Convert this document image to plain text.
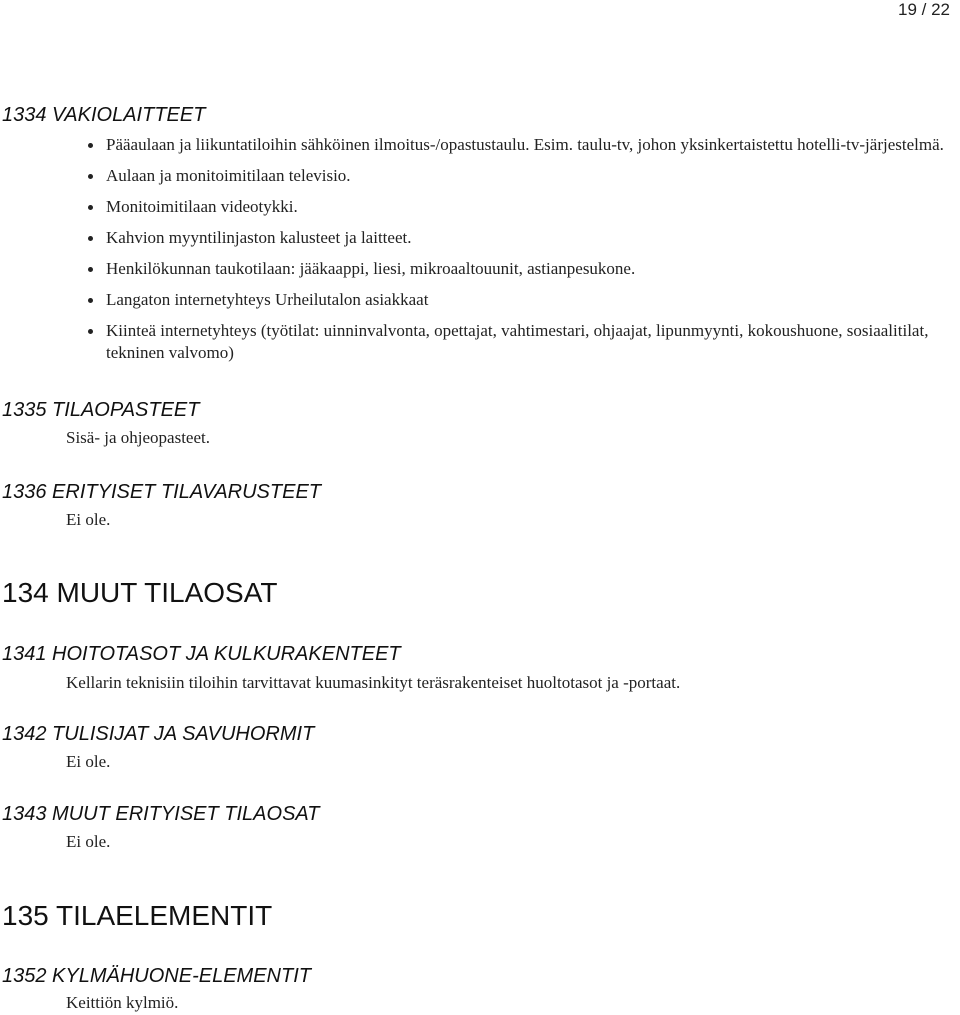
19 / 22
1334 VAKIOLAITTEET
Pääaulaan ja liikuntatiloihin sähköinen ilmoitus-/opastustaulu. Esim. taulu-tv, johon yksinkertaistettu hotelli-tv-järjestelmä.
Aulaan ja monitoimitilaan televisio.
Monitoimitilaan videotykki.
Kahvion myyntilinjaston kalusteet ja laitteet.
Henkilökunnan taukotilaan: jääkaappi, liesi, mikroaaltouunit, astianpesukone.
Langaton internetyhteys Urheilutalon asiakkaat
Kiinteä internetyhteys (työtilat: uinninvalvonta, opettajat, vahtimestari, ohjaajat, lipunmyynti, kokoushuone, sosiaalitilat, tekninen valvomo)
1335 TILAOPASTEET

Sisä- ja ohjeopasteet.

1336 ERITYISET TILAVARUSTEET

Ei ole.

134 MUUT TILAOSAT
1341 HOITOTASOT JA KULKURAKENTEET

Kellarin teknisiin tiloihin tarvittavat kuumasinkityt teräsrakenteiset huoltotasot ja -portaat.

1342 TULISIJAT JA SAVUHORMIT

Ei ole.

1343 MUUT ERITYISET TILAOSAT

Ei ole.

135 TILAELEMENTIT
1352 KYLMÄHUONE-ELEMENTIT

Keittiön kylmiö.
